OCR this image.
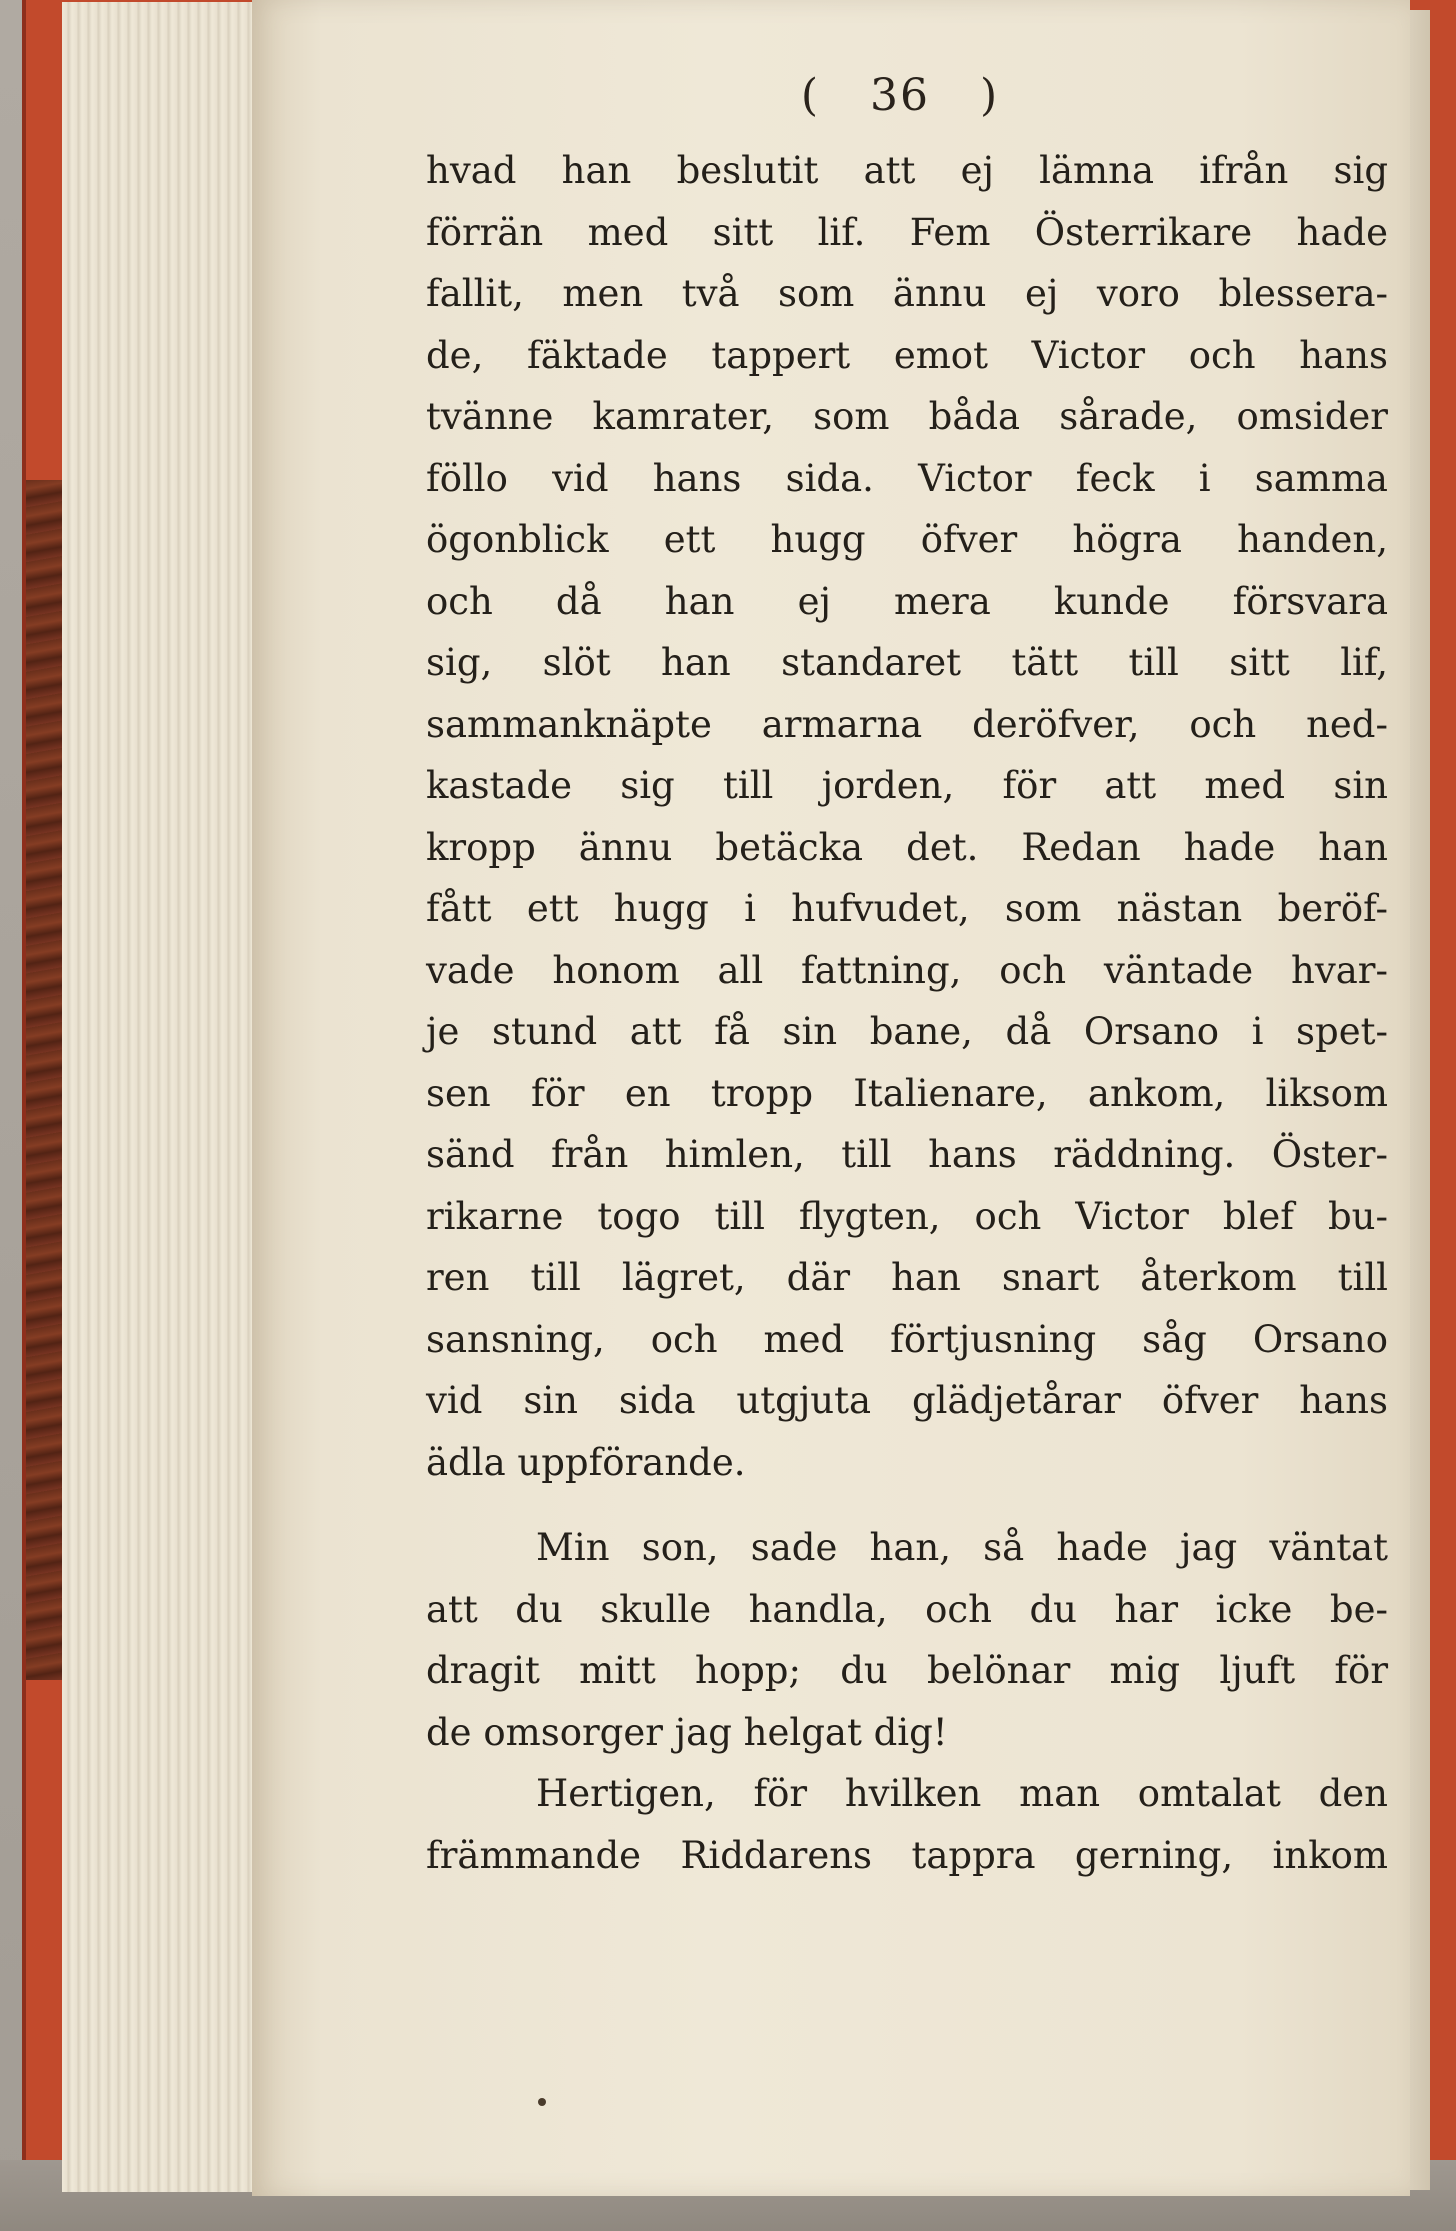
( 36 )
hvad han beslutit att ej lämna ifrån sig
förrän med sitt lif. Fem Österrikare hade
fallit, men två som ännu ej voro blessera-
de, fäktade tappert emot Victor och hans
tvänne kamrater, som båda sårade, omsider
föllo vid hans sida. Victor feck i samma
ögonblick ett hugg öfver högra handen,
och då han ej mera kunde försvara
sig, slöt han standaret tätt till sitt lif,
sammanknäpte armarna deröfver, och ned-
kastade sig till jorden, för att med sin
kropp ännu betäcka det. Redan hade han
fått ett hugg i hufvudet, som nästan beröf-
vade honom all fattning, och väntade hvar-
je stund att få sin bane, då Orsano i spet-
sen för en tropp Italienare, ankom, liksom
sänd från himlen, till hans räddning. Öster-
rikarne togo till flygten, och Victor blef bu-
ren till lägret, där han snart återkom till
sansning, och med förtjusning såg Orsano
vid sin sida utgjuta glädjetårar öfver hans
ädla uppförande.
Min son, sade han, så hade jag väntat
att du skulle handla, och du har icke be-
dragit mitt hopp; du belönar mig ljuft för
de omsorger jag helgat dig!
Hertigen, för hvilken man omtalat den
främmande Riddarens tappra gerning, inkom
